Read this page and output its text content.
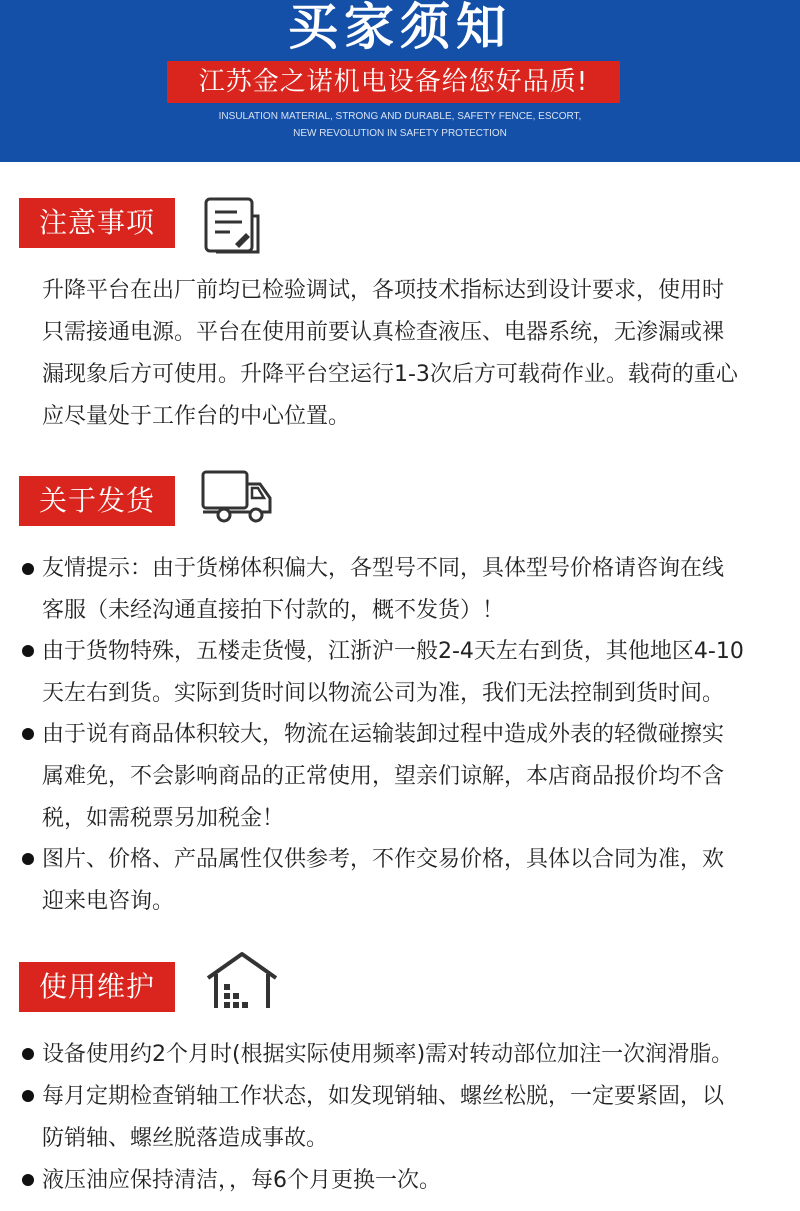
买家须知
江苏金之诺机电设备给您好品质!
INSULATION MATERIAL, STRONG AND DURABLE, SAFETY FENCE, ESCORT,
NEW REVOLUTION IN SAFETY PROTECTION
注意事项
升降平台在出厂前均已检验调试，各项技术指标达到设计要求，使用时
只需接通电源。平台在使用前要认真检查液压、电器系统，无渗漏或裸
漏现象后方可使用。升降平台空运行1-3次后方可载荷作业。载荷的重心
应尽量处于工作台的中心位置。
关于发货
友情提示：由于货梯体积偏大，各型号不同，具体型号价格请咨询在线
客服（未经沟通直接拍下付款的，概不发货）！
由于货物特殊，五楼走货慢，江浙沪一般2-4天左右到货，其他地区4-10
天左右到货。实际到货时间以物流公司为准，我们无法控制到货时间。
由于说有商品体积较大，物流在运输装卸过程中造成外表的轻微碰擦实
属难免，不会影响商品的正常使用，望亲们谅解，本店商品报价均不含
税，如需税票另加税金！
图片、价格、产品属性仅供参考，不作交易价格，具体以合同为准，欢
迎来电咨询。
使用维护
设备使用约2个月时(根据实际使用频率)需对转动部位加注一次润滑脂。
每月定期检查销轴工作状态，如发现销轴、螺丝松脱，一定要紧固，以
防销轴、螺丝脱落造成事故。
液压油应保持清洁，，每6个月更换一次。
